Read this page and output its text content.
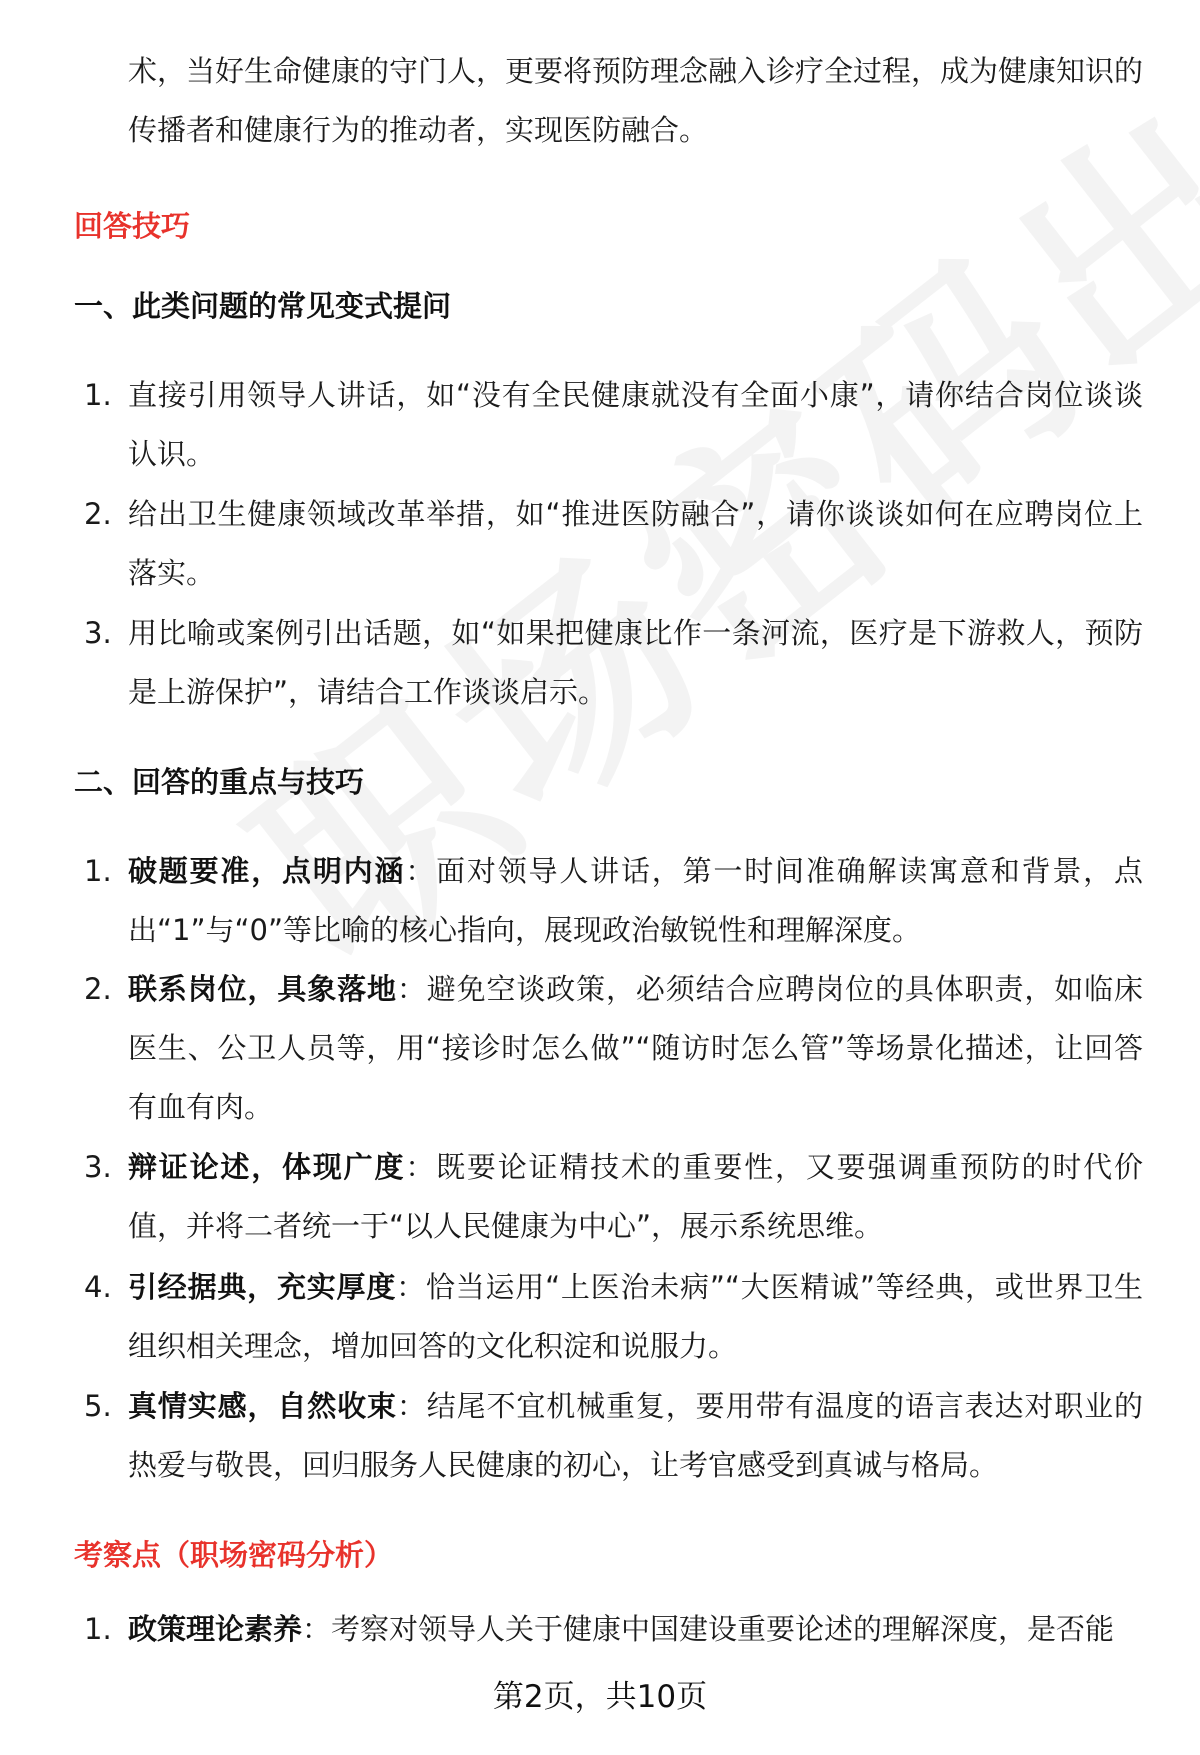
术，当好生命健康的守门人，更要将预防理念融入诊疗全过程，成为健康知识的传播者和健康行为的推动者，实现医防融合。
回答技巧
一、此类问题的常见变式提问
1. 直接引用领导人讲话，如“没有全民健康就没有全面小康”，请你结合岗位谈谈认识。
2. 给出卫生健康领域改革举措，如“推进医防融合”，请你谈谈如何在应聘岗位上落实。
3. 用比喻或案例引出话题，如“如果把健康比作一条河流，医疗是下游救人，预防是上游保护”，请结合工作谈谈启示。
二、回答的重点与技巧
1. 破题要准，点明内涵：面对领导人讲话，第一时间准确解读寓意和背景，点出“1”与“0”等比喻的核心指向，展现政治敏锐性和理解深度。
2. 联系岗位，具象落地：避免空谈政策，必须结合应聘岗位的具体职责，如临床医生、公卫人员等，用“接诊时怎么做”“随访时怎么管”等场景化描述，让回答有血有肉。
3. 辩证论述，体现广度：既要论证精技术的重要性，又要强调重预防的时代价值，并将二者统一于“以人民健康为中心”，展示系统思维。
4. 引经据典，充实厚度：恰当运用“上医治未病”“大医精诚”等经典，或世界卫生组织相关理念，增加回答的文化积淀和说服力。
5. 真情实感，自然收束：结尾不宜机械重复，要用带有温度的语言表达对职业的热爱与敬畏，回归服务人民健康的初心，让考官感受到真诚与格局。
考察点（职场密码分析）
1. 政策理论素养：考察对领导人关于健康中国建设重要论述的理解深度，是否能
第2页，共10页
